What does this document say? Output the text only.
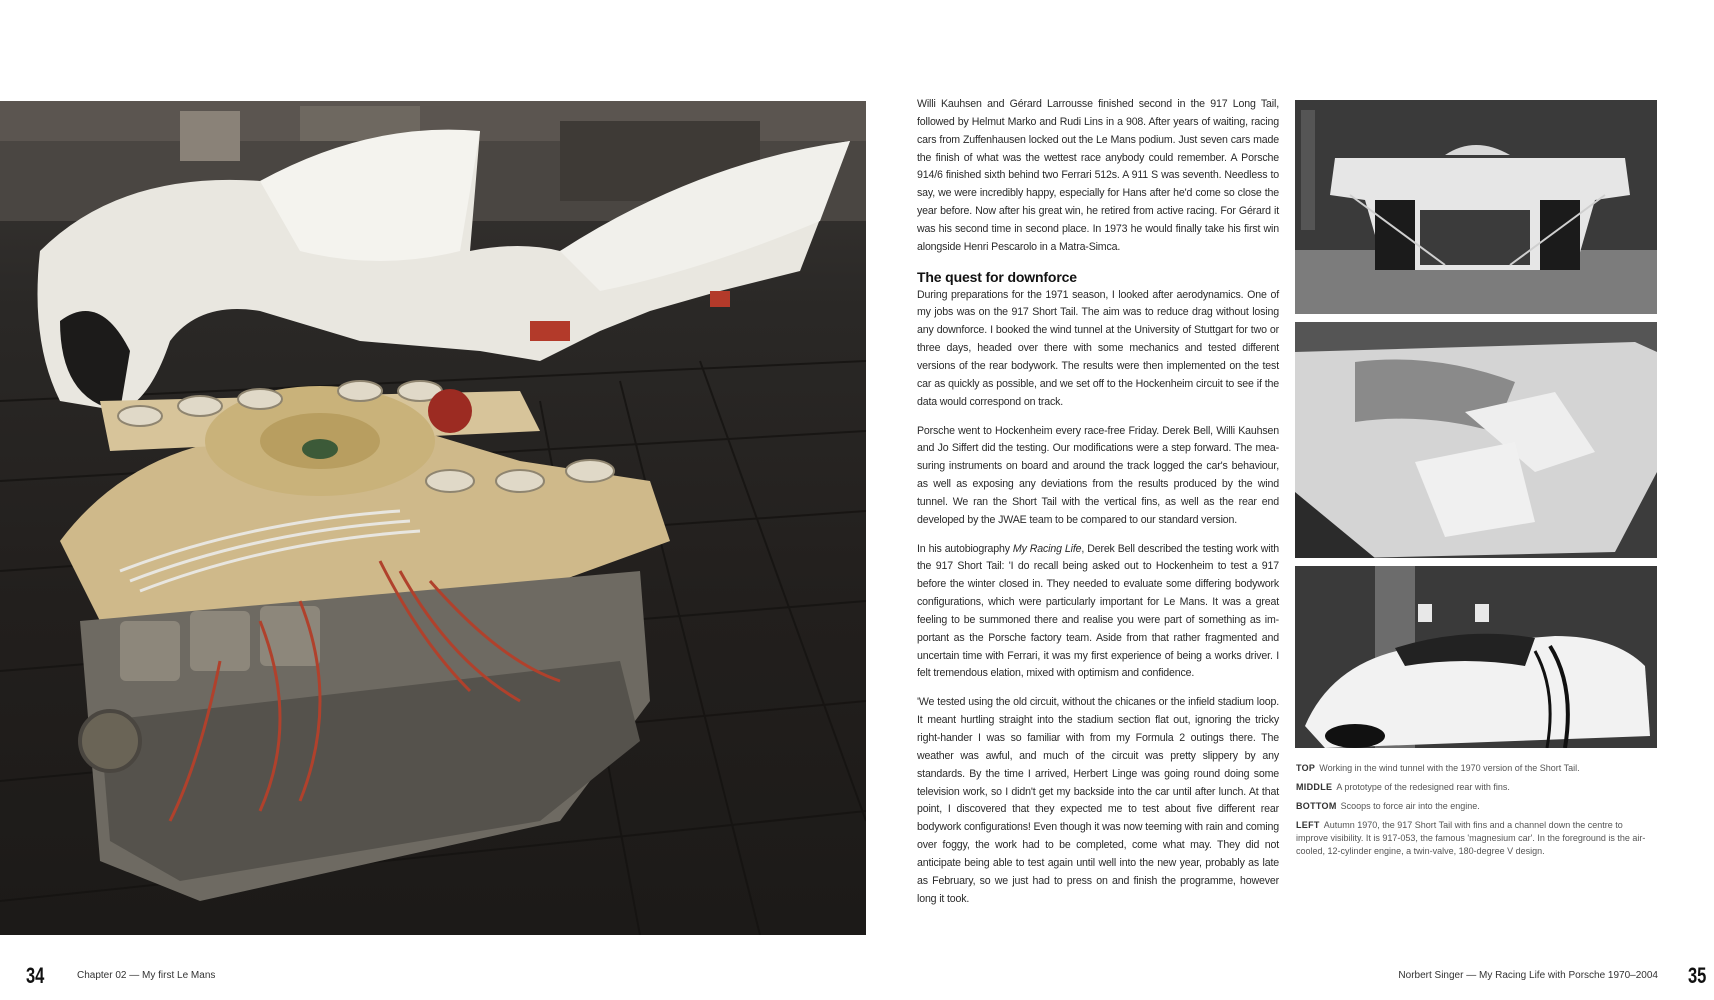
Willi Kauhsen and Gérard Larrousse finished second in the 917 Long Tail, followed by Helmut Marko and Rudi Lins in a 908. After years of waiting, racing cars from Zuffenhausen locked out the Le Mans podium. Just seven cars made the finish of what was the wettest race anybody could remember. A Porsche 914/6 finished sixth behind two Ferrari 512s. A 911 S was seventh. Needless to say, we were incredibly happy, especially for Hans after he'd come so close the year before. Now after his great win, he retired from active racing. For Gérard it was his second time in second place. In 1973 he would finally take his first win alongside Henri Pescarolo in a Matra-Simca.

The quest for downforce

During preparations for the 1971 season, I looked after aerodynamics. One of my jobs was on the 917 Short Tail. The aim was to reduce drag without losing any downforce. I booked the wind tunnel at the University of Stuttgart for two or three days, headed over there with some mechanics and tested different versions of the rear bodywork. The results were then implemented on the test car as quickly as possible, and we set off to the Hockenheim circuit to see if the data would correspond on track.

Porsche went to Hockenheim every race-free Friday. Derek Bell, Willi Kauhsen and Jo Siffert did the testing. Our modifications were a step forward. The mea-suring instruments on board and around the track logged the car's behaviour, as well as exposing any deviations from the results produced by the wind tunnel. We ran the Short Tail with the vertical fins, as well as the rear end developed by the JWAE team to be compared to our standard version.

In his autobiography My Racing Life, Derek Bell described the testing work with the 917 Short Tail: 'I do recall being asked out to Hockenheim to test a 917 before the winter closed in. They needed to evaluate some differing bodywork configurations, which were particularly important for Le Mans. It was a great feeling to be summoned there and realise you were part of something as im-portant as the Porsche factory team. Aside from that rather fragmented and uncertain time with Ferrari, it was my first experience of being a works driver. I felt tremendous elation, mixed with optimism and confidence.

'We tested using the old circuit, without the chicanes or the infield stadium loop. It meant hurtling straight into the stadium section flat out, ignoring the tricky right-hander I was so familiar with from my Formula 2 outings there. The weather was awful, and much of the circuit was pretty slippery by any standards. By the time I arrived, Herbert Linge was going round doing some television work, so I didn't get my backside into the car until after lunch. At that point, I discovered that they expected me to test about five different rear bodywork configurations! Even though it was now teeming with rain and coming over foggy, the work had to be completed, come what may. They did not anticipate being able to test again until well into the new year, probably as late as February, so we just had to press on and finish the programme, however long it took.

TOP Working in the wind tunnel with the 1970 version of the Short Tail.
MIDDLE A prototype of the redesigned rear with fins.
BOTTOM Scoops to force air into the engine.
LEFT Autumn 1970, the 917 Short Tail with fins and a channel down the centre to improve visibility. It is 917-053, the famous 'magnesium car'. In the foreground is the air-cooled, 12-cylinder engine, a twin-valve, 180-degree V design.
34	Chapter 02 — My first Le Mans	Norbert Singer — My Racing Life with Porsche 1970–2004 35
